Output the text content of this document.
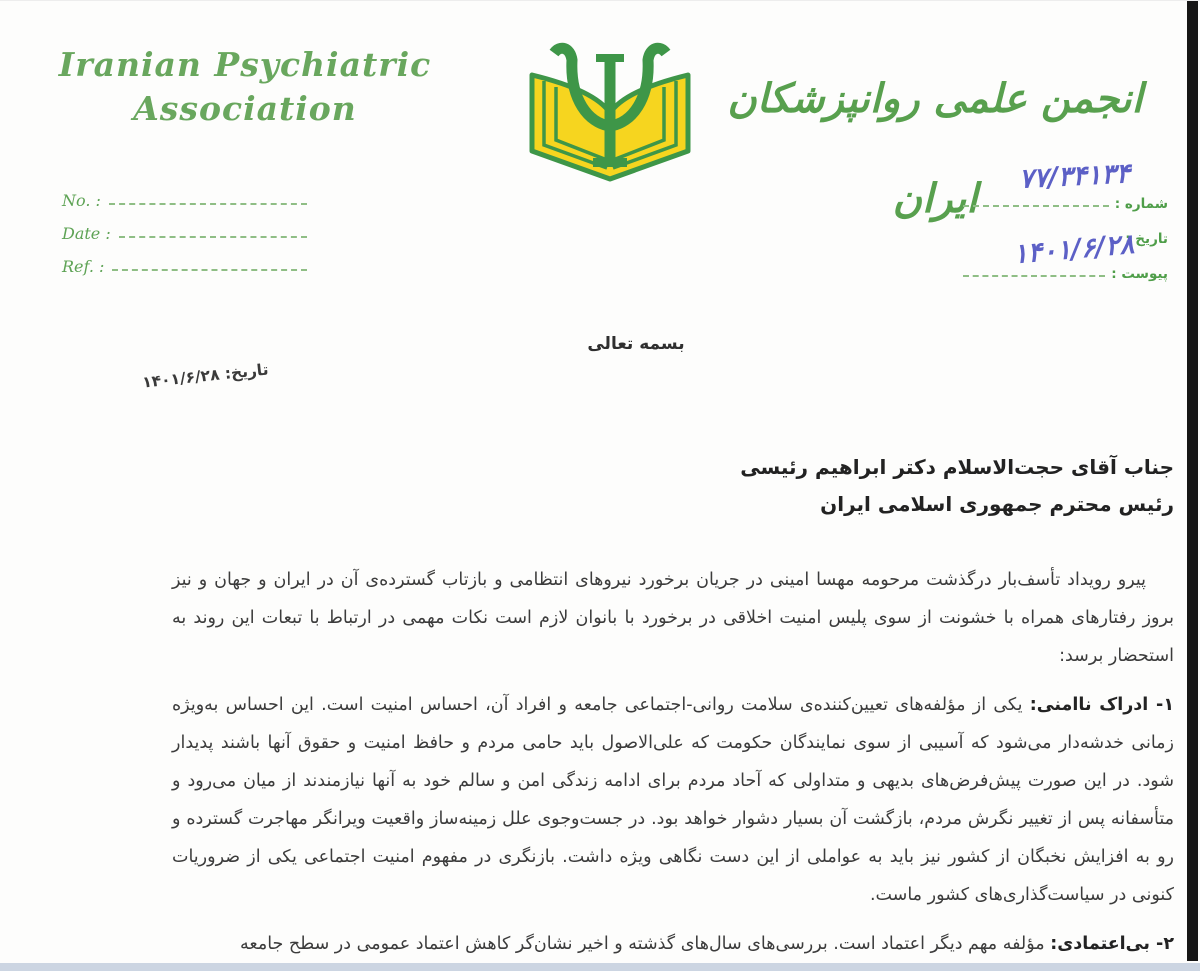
Iranian Psychiatric
Association	انجمن علمی روانپزشکان ایران
No. :
Date :
Ref. :
شماره :
۷۷/۳۴۱۳۴
تاریخ :
۱۴۰۱/۶/۲۸
پیوست :
بسمه تعالی
تاریخ: ۱۴۰۱/۶/۲۸
جناب آقای حجت‌الاسلام دکتر ابراهیم رئیسی
رئیس محترم جمهوری اسلامی ایران

پیرو رویداد تأسف‌بار درگذشت مرحومه مهسا امینی در جریان برخورد نیروهای انتظامی و بازتاب گسترده‌ی آن در ایران و جهان و نیز بروز رفتارهای همراه با خشونت از سوی پلیس امنیت اخلاقی در برخورد با بانوان لازم است نکات مهمی در ارتباط با تبعات این روند به استحضار برسد:

۱- ادراک ناامنی: یکی از مؤلفه‌های تعیین‌کننده‌ی سلامت روانی-اجتماعی جامعه و افراد آن، احساس امنیت است. این احساس به‌ویژه زمانی خدشه‌دار می‌شود که آسیبی از سوی نمایندگان حکومت که علی‌الاصول باید حامی مردم و حافظ امنیت و حقوق آنها باشند پدیدار شود. در این صورت پیش‌فرض‌های بدیهی و متداولی که آحاد مردم برای ادامه زندگی امن و سالم خود به آنها نیازمندند از میان می‌رود و متأسفانه پس از تغییر نگرش مردم، بازگشت آن بسیار دشوار خواهد بود. در جست‌وجوی علل زمینه‌ساز واقعیت ویرانگر مهاجرت گسترده و رو به افزایش نخبگان از کشور نیز باید به عواملی از این دست نگاهی ویژه داشت. بازنگری در مفهوم امنیت اجتماعی یکی از ضروریات کنونی در سیاست‌گذاری‌های کشور ماست.

۲- بی‌اعتمادی: مؤلفه مهم دیگر اعتماد است. بررسی‌های سال‌های گذشته و اخیر نشان‌گر کاهش اعتماد عمومی در سطح جامعه
